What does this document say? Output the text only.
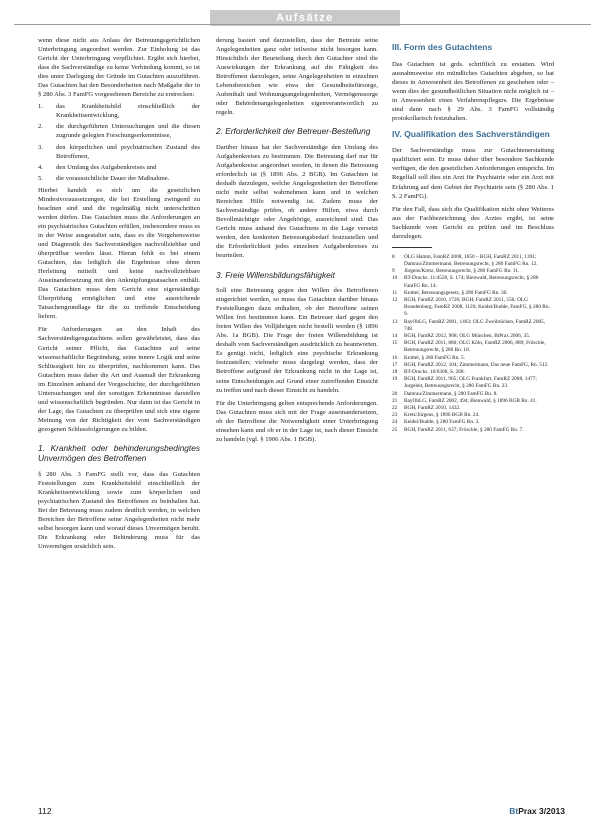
Aufsätze

wenn diese nicht aus Anlass der Betreuungsgerichtlichen Unterbringung angeordnet werden. Zur Einholung ist das Gericht der Unterbringung verpflichtet. Ergibt sich hierbei, dass die Sachverständige zu keine Verbindung kommt, so ist dies unter Darlegung der Gründe im Gutachten auszuführen. Das Gutachten hat den Besonderheiten nach Maßgabe der in § 280 Abs. 3 FamFG vorgesehenen Bereiche zu erstrecken:

1.	das Krankheitsbild einschließlich der Krankheitsentwicklung,
2.	die durchgeführten Untersuchungen und die diesen zugrunde gelegten Forschungserkenntnisse,
3.	den körperlichen und psychiatrischen Zustand des Betroffenen,
4.	den Umfang des Aufgabenkreises und
5.	die voraussichtliche Dauer der Maßnahme.

Hierbei handelt es sich um die gesetzlichen Mindestvoraussetzungen, die bei Erstellung zwingend zu beachten sind und die regelmäßig nicht unterschritten werden dürfen. Das Gutachten muss die Anforderungen an ein psychiatrisches Gutachten erfüllen, insbesondere muss es in der Weise ausgestaltet sein, dass es die Vorgehensweise und Diagnostik des Sachverständigen nachvollziehbar und überprüfbar werden lässt. Hieran fehlt es bei einem Gutachten, das lediglich die Ergebnisse ohne deren Herleitung mitteilt und keine nachvollziehbare Auseinandersetzung mit den Anknüpfungstatsachen enthält. Das Gutachten muss dem Gericht eine eigenständige Überprüfung ermöglichen und eine ausreichende Tatsachengrundlage für die zu treffende Entscheidung liefern.

Für Anforderungen an den Inhalt des Sachverständigengutachtens sollen gewährleistet, dass das Gericht seiner Pflicht, das Gutachten auf seine wissenschaftliche Begründung, seine innere Logik und seine Schlüssigkeit hin zu überprüfen, nachkommen kann. Das Gutachten muss daher die Art und Ausmaß der Erkrankung im Einzelnen anhand der Vorgeschichte, der durchgeführten Untersuchungen und der sonstigen Erkenntnisse darstellen und wissenschaftlich begründen. Nur dann ist das Gericht in der Lage, das Gutachten zu überprüfen und sich eine eigene Meinung von der Richtigkeit der vom Sachverständigen gezogenen Schlussfolgerungen zu bilden.

1. Krankheit oder behinderungsbedingtes Unvermögen des Betroffenen

§ 280 Abs. 3 FamFG stellt vor, dass das Gutachten Feststellungen zum Krankheitsbild einschließlich der Krankheitsentwicklung sowie zum körperlichen und psychiatrischen Zustand des Betroffenen zu beinhalten hat. Bei der Betreuung muss zudem deutlich werden, in welchen Bereichen der Betroffene seine Angelegenheiten nicht mehr selbst besorgen kann und worauf dieses Unvermögen beruht. Die Erkrankung oder Behinderung muss für das Unvermögen ursächlich sein.

derung basiert und darzustellen, dass der Betreute seine Angelegenheiten ganz oder teilweise nicht besorgen kann. Hinsichtlich der Beurteilung durch den Gutachter sind die Auswirkungen der Erkrankung auf die Fähigkeit des Betroffenen darzulegen, seine Angelegenheiten in einzelnen Lebensbereichen wie etwa der Gesundheitsfürsorge, Aufenthalt und Wohnungsangelegenheiten, Vermögenssorge oder Behördenangelegenheiten eigenverantwortlich zu regeln.

2. Erforderlichkeit der Betreuer-Bestellung

Darüber hinaus hat der Sachverständige den Umfang des Aufgabenkreises zu bestimmen. Die Betreuung darf nur für Aufgabenkreise angeordnet werden, in denen die Betreuung erforderlich ist (§ 1896 Abs. 2 BGB). Im Gutachten ist deshalb darzulegen, welche Angelegenheiten der Betroffene nicht mehr selbst wahrnehmen kann und in welchen Bereichen Hilfe notwendig ist. Zudem muss der Sachverständige prüfen, ob andere Hilfen, etwa durch Bevollmächtigte oder Angehörige, ausreichend sind. Das Gericht muss anhand des Gutachtens in die Lage versetzt werden, den konkreten Betreuungsbedarf festzustellen und die Erforderlichkeit jedes einzelnen Aufgabenkreises zu beurteilen.

3. Freie Willensbildungsfähigkeit

Soll eine Betreuung gegen den Willen des Betroffenen eingerichtet werden, so muss das Gutachten darüber hinaus Feststellungen dazu enthalten, ob der Betroffene seinen Willen frei bestimmen kann. Ein Betreuer darf gegen den freien Willen des Volljährigen nicht bestellt werden (§ 1896 Abs. 1a BGB). Die Frage der freien Willensbildung ist deshalb vom Sachverständigen ausdrücklich zu beantworten. Es genügt nicht, lediglich eine psychische Erkrankung festzustellen; vielmehr muss dargelegt werden, dass der Betroffene aufgrund der Erkrankung nicht in der Lage ist, seine Entscheidungen auf Grund einer zutreffenden Einsicht zu treffen und nach dieser Einsicht zu handeln.

Für die Unterbringung gelten entsprechende Anforderungen. Das Gutachten muss sich mit der Frage auseinandersetzen, ob der Betroffene die Notwendigkeit einer Unterbringung einsehen kann und ob er in der Lage ist, nach dieser Einsicht zu handeln (vgl. § 1906 Abs. 1 BGB).

III. Form des Gutachtens

Das Gutachten ist grds. schriftlich zu erstatten. Wird ausnahmsweise ein mündliches Gutachten abgeben, so hat dieses in Anwesenheit des Betroffenen zu geschehen oder – wenn dies der gesundheitlichen Situation nicht möglich ist – in Anwesenheit eines Verfahrenspflegers. Die Ergebnisse sind dann nach § 29 Abs. 3 FamFG vollständig protokollarisch festzuhalten.

IV. Qualifikation des Sachverständigen

Der Sachverständige muss zur Gutachtenerstattung qualifiziert sein. Er muss daher über besondere Sachkunde verfügen, die den gesetzlichen Anforderungen entspricht. Im Regelfall soll dies ein Arzt für Psychiatrie oder ein Arzt mit Erfahrung auf dem Gebiet der Psychiatrie sein (§ 280 Abs. 1 S. 2 FamFG).

Für den Fall, dass sich die Qualifikation nicht ohne Weiteres aus der Fachbezeichnung des Arztes ergibt, ist seine Sachkunde vom Gericht zu prüfen und im Beschluss darzulegen.

8	OLG Hamm, FamRZ 2008, 1650 – BGH, FamRZ 2011, 1391; Damrau/Zimmermann, Betreuungsrecht, § 280 FamFG Rn. 12.
9	Jürgens/Kretz, Betreuungsrecht, § 280 FamFG Rn. 11.
10	BT-Drucks. 11/4528, S. 174; Bienwald, Betreuungsrecht, § 280 FamFG Rn. 14.
11	Knittel, Betreuungsgesetz, § 280 FamFG Rn. 36.
12	BGH, FamRZ 2010, 1726; BGH, FamRZ 2011, 556; OLG Brandenburg, FamRZ 2008, 1120; Keidel/Budde, FamFG, § 280 Rn. 9.
13	BayObLG, FamRZ 2001, 1403; OLG Zweibrücken, FamRZ 2005, 748.
14	BGH, FamRZ 2012, 968; OLG München, BtPrax 2006, 35.
15	BGH, FamRZ 2011, 880; OLG Köln, FamRZ 2006, 889; Fröschle, Betreuungsrecht, § 280 Rn. 18.
16	Knittel, § 280 FamFG Rn. 5.
17	BGH, FamRZ 2012, 104; Zimmermann, Das neue FamFG, Rn. 512.
18	BT-Drucks. 16/6308, S. 268.
19	BGH, FamRZ 2011, 965; OLG Frankfurt, FamRZ 2008, 1477; Jurgeleit, Betreuungsrecht, § 280 FamFG Rn. 23.
20	Damrau/Zimmermann, § 280 FamFG Rn. 8.
21	BayObLG, FamRZ 2002, 494; Bienwald, § 1896 BGB Rn. 41.
22	BGH, FamRZ 2010, 1432.
23	Kretz/Jürgens, § 1896 BGB Rn. 24.
24	Keidel/Budde, § 280 FamFG Rn. 3.
25	BGH, FamRZ 2011, 637; Fröschle, § 280 FamFG Rn. 7.
112	BtPrax 3/2013
